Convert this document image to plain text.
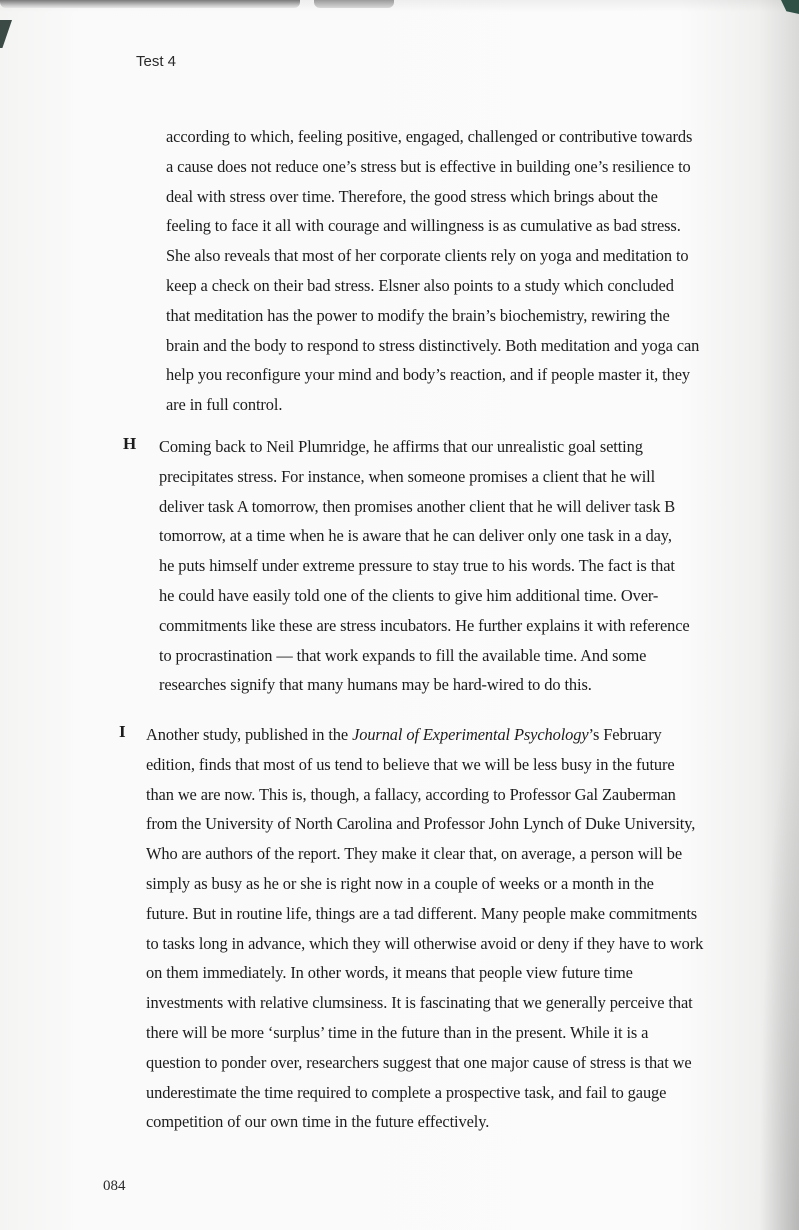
Test 4
according to which, feeling positive, engaged, challenged or contributive towards
a cause does not reduce one’s stress but is effective in building one’s resilience to
deal with stress over time. Therefore, the good stress which brings about the
feeling to face it all with courage and willingness is as cumulative as bad stress.
She also reveals that most of her corporate clients rely on yoga and meditation to
keep a check on their bad stress. Elsner also points to a study which concluded
that meditation has the power to modify the brain’s biochemistry, rewiring the
brain and the body to respond to stress distinctively. Both meditation and yoga can
help you reconfigure your mind and body’s reaction, and if people master it, they
are in full control.
H Coming back to Neil Plumridge, he affirms that our unrealistic goal setting
precipitates stress. For instance, when someone promises a client that he will
deliver task A tomorrow, then promises another client that he will deliver task B
tomorrow, at a time when he is aware that he can deliver only one task in a day,
he puts himself under extreme pressure to stay true to his words. The fact is that
he could have easily told one of the clients to give him additional time. Over-
commitments like these are stress incubators. He further explains it with reference
to procrastination — that work expands to fill the available time. And some
researches signify that many humans may be hard-wired to do this.
I Another study, published in the Journal of Experimental Psychology’s February
edition, finds that most of us tend to believe that we will be less busy in the future
than we are now. This is, though, a fallacy, according to Professor Gal Zauberman
from the University of North Carolina and Professor John Lynch of Duke University,
Who are authors of the report. They make it clear that, on average, a person will be
simply as busy as he or she is right now in a couple of weeks or a month in the
future. But in routine life, things are a tad different. Many people make commitments
to tasks long in advance, which they will otherwise avoid or deny if they have to work
on them immediately. In other words, it means that people view future time
investments with relative clumsiness. It is fascinating that we generally perceive that
there will be more ‘surplus’ time in the future than in the present. While it is a
question to ponder over, researchers suggest that one major cause of stress is that we
underestimate the time required to complete a prospective task, and fail to gauge
competition of our own time in the future effectively.
084
